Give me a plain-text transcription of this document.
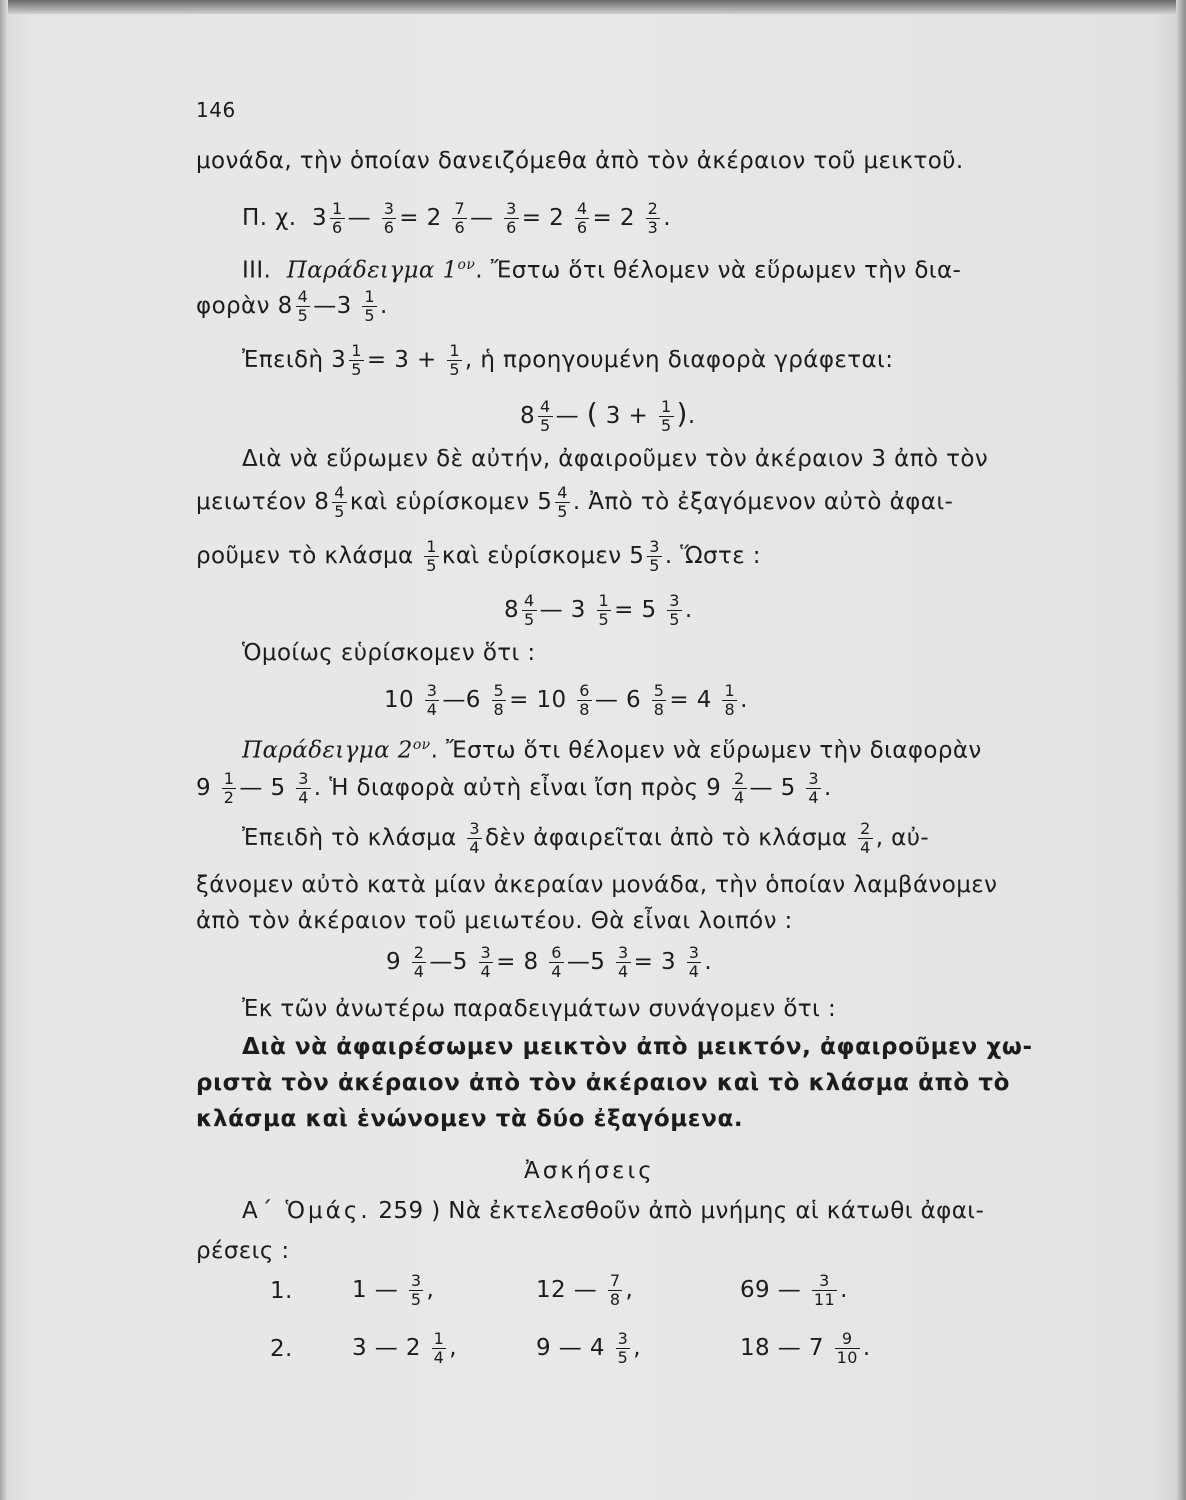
146
μονάδα, τὴν ὁποίαν δανειζόμεθα ἀπὸ τὸν ἀκέραιον τοῦ μεικτοῦ.
Π. χ.  $3 \frac{1}{6}$ — $\frac{3}{6} = 2 \frac{7}{6}$ — $\frac{3}{6} = 2 \frac{4}{6} = 2 \frac{2}{3}$ .
III. Παράδειγμα $1^{o\nu}$. Ἔστω ὅτι θέλομεν νὰ εὕρωμεν τὴν δια-
φορὰν $8 \frac{4}{5}$ —3 $\frac{1}{5}$ .
Ἐπειδὴ $3 \frac{1}{5} = 3 + \frac{1}{5}$ , ἡ προηγουμένη διαφορὰ γράφεται:
$8 \frac{4}{5}$ — ( $3 + \frac{1}{5}$ ).
Διὰ νὰ εὕρωμεν δὲ αὐτήν, ἀφαιροῦμεν τὸν ἀκέραιον 3 ἀπὸ τὸν
μειωτέον $8 \frac{4}{5}$ καὶ εὑρίσκομεν $5 \frac{4}{5}$ . Ἀπὸ τὸ ἐξαγόμενον αὐτὸ ἀφαι-
ροῦμεν τὸ κλάσμα $\frac{1}{5}$ καὶ εὑρίσκομεν $5 \frac{3}{5}$ . Ὥστε :
$8 \frac{4}{5}$ — $3 \frac{1}{5} = 5 \frac{3}{5}$ .
Ὁμοίως εὑρίσκομεν ὅτι :
$10 \frac{3}{4}$ —6 $\frac{5}{8} = 10 \frac{6}{8}$ — $6 \frac{5}{8} = 4 \frac{1}{8}$ .
Παράδειγμα $2^{o\nu}$. Ἔστω ὅτι θέλομεν νὰ εὕρωμεν τὴν διαφορὰν
$9 \frac{1}{2}$ — $5 \frac{3}{4}$ . Ἡ διαφορὰ αὐτὴ εἶναι ἴση πρὸς $9 \frac{2}{4}$ — $5 \frac{3}{4}$ .
Ἐπειδὴ τὸ κλάσμα $\frac{3}{4}$ δὲν ἀφαιρεῖται ἀπὸ τὸ κλάσμα $\frac{2}{4}$ , αὐ-
ξάνομεν αὐτὸ κατὰ μίαν ἀκεραίαν μονάδα, τὴν ὁποίαν λαμβάνομεν
ἀπὸ τὸν ἀκέραιον τοῦ μειωτέου. Θὰ εἶναι λοιπόν :
$9 \frac{2}{4}$ —5 $\frac{3}{4} = 8 \frac{6}{4}$ —5 $\frac{3}{4} = 3 \frac{3}{4}$ .
Ἐκ τῶν ἀνωτέρω παραδειγμάτων συνάγομεν ὅτι :
Διὰ νὰ ἀφαιρέσωμεν μεικτὸν ἀπὸ μεικτόν, ἀφαιροῦμεν χω-
ριστὰ τὸν ἀκέραιον ἀπὸ τὸν ἀκέραιον καὶ τὸ κλάσμα ἀπὸ τὸ
κλάσμα καὶ ἑνώνομεν τὰ δύο ἐξαγόμενα.
Ἀσκήσεις
Α΄ Ὁμάς. 259 ) Νὰ ἐκτελεσθοῦν ἀπὸ μνήμης αἱ κάτωθι ἀφαι-
ρέσεις :
1.	1 — $\frac{3}{5}$ ,	12 — $\frac{7}{8}$ ,	69 — $\frac{3}{11}$ .
2.	3 — $2 \frac{1}{4}$ ,	9 — $4 \frac{3}{5}$ ,	18 — $7 \frac{9}{10}$ .
